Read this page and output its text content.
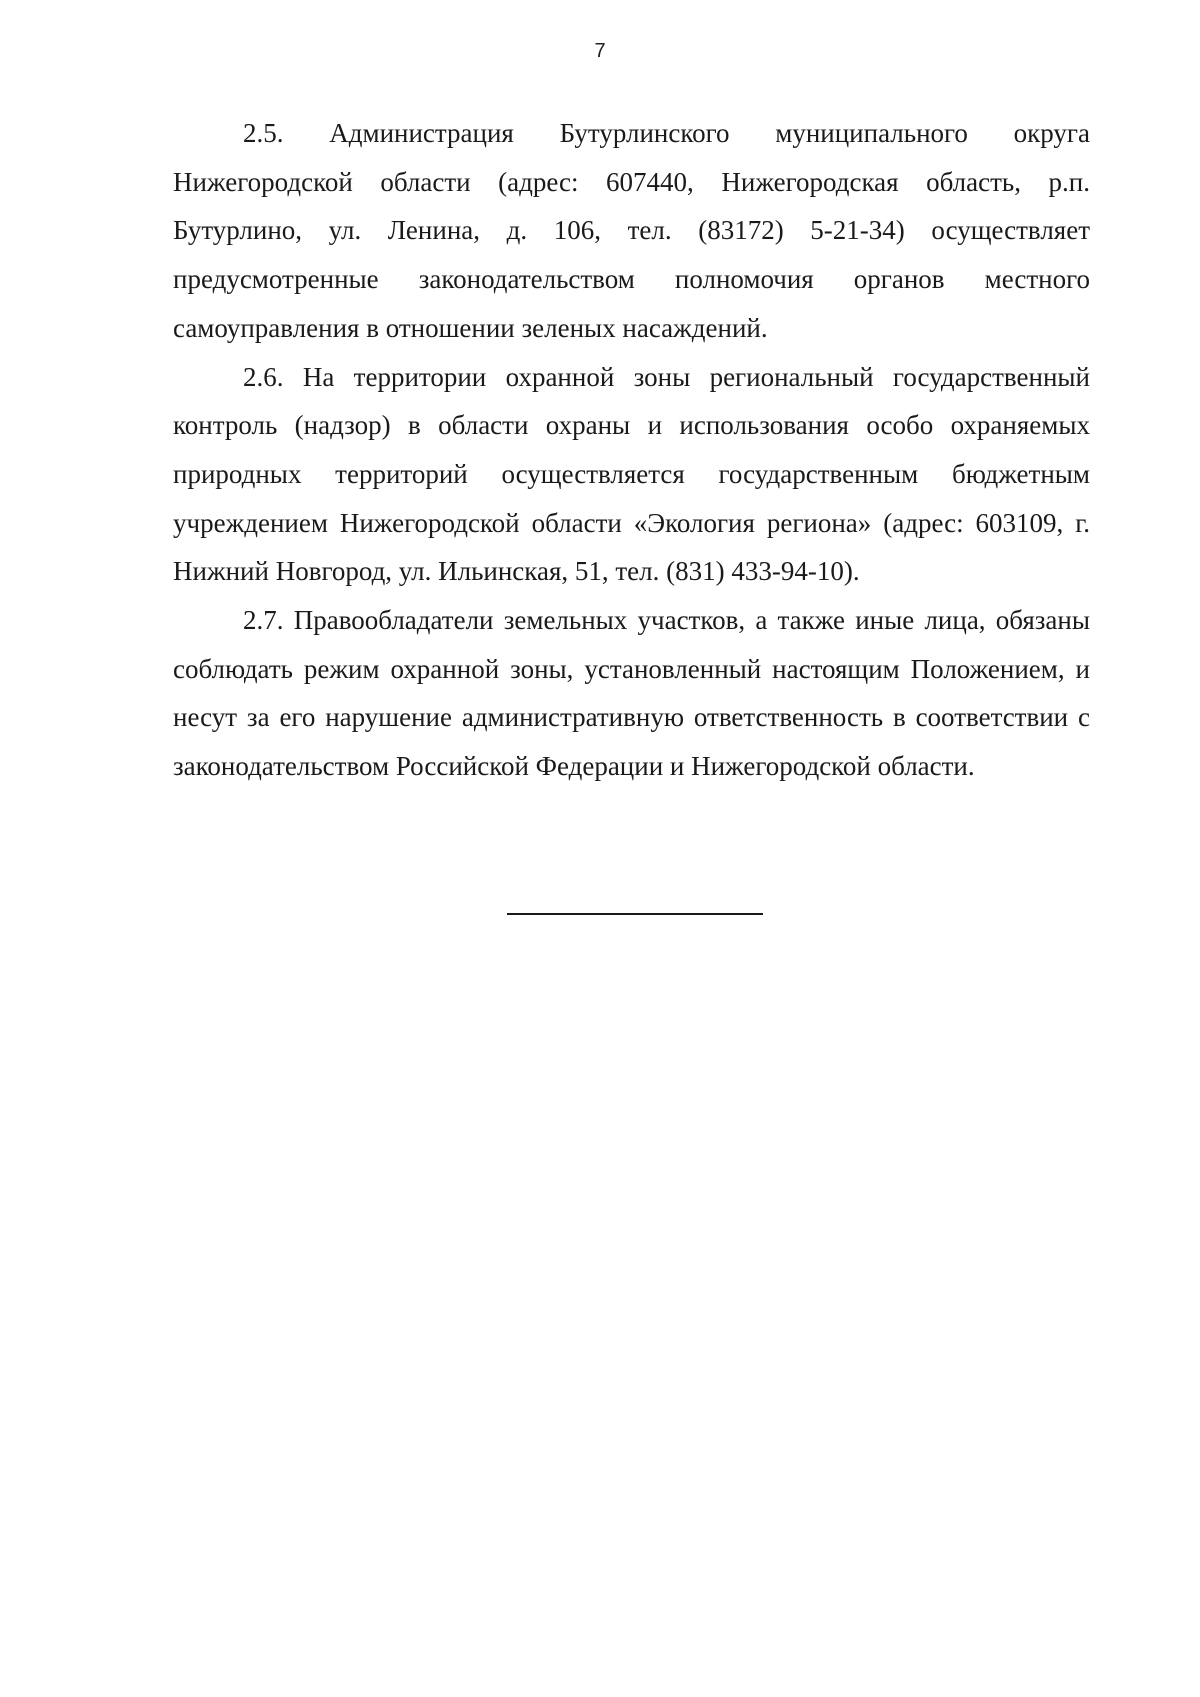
7

2.5. Администрация Бутурлинского муниципального округа Нижегородской области (адрес: 607440, Нижегородская область, р.п. Бутурлино, ул. Ленина, д. 106, тел. (83172) 5-21-34) осуществляет предусмотренные законодательством полномочия органов местного самоуправления в отношении зеленых насаждений.

2.6. На территории охранной зоны региональный государственный контроль (надзор) в области охраны и использования особо охраняемых природных территорий осуществляется государственным бюджетным учреждением Нижегородской области «Экология региона» (адрес: 603109, г. Нижний Новгород, ул. Ильинская, 51, тел. (831) 433-94-10).

2.7. Правообладатели земельных участков, а также иные лица, обязаны соблюдать режим охранной зоны, установленный настоящим Положением, и несут за его нарушение административную ответственность в соответствии с законодательством Российской Федерации и Нижегородской области.
